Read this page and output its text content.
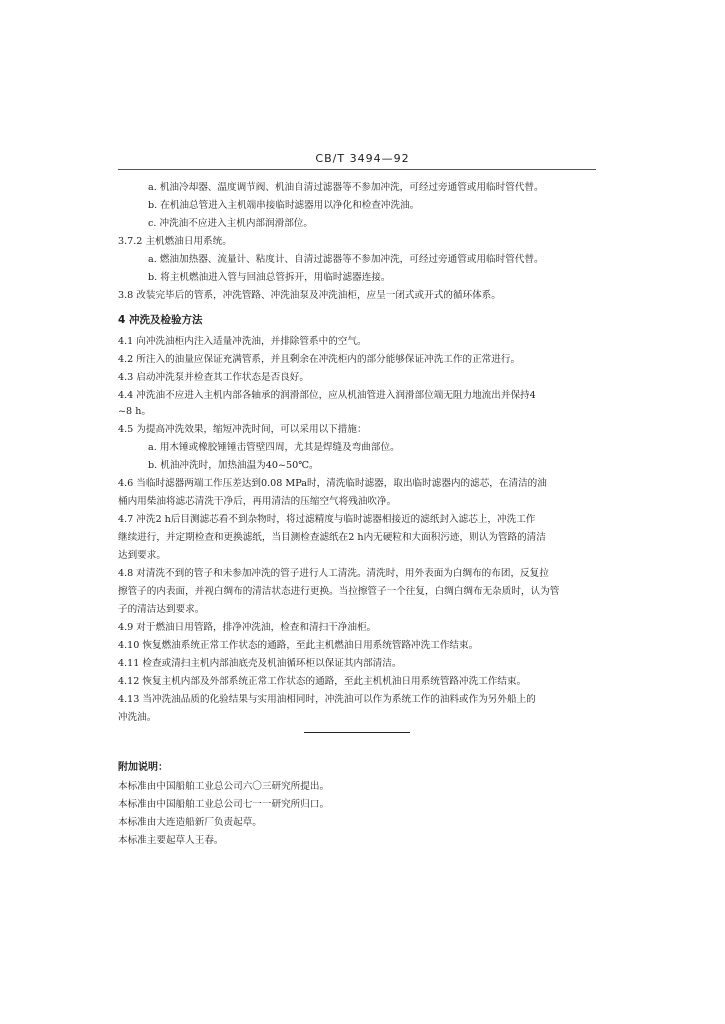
CB/T 3494—92
a. 机油冷却器、温度调节阀、机油自清过滤器等不参加冲洗，可经过旁通管或用临时管代替。
b. 在机油总管进入主机端串接临时滤器用以净化和检查冲洗油。
c. 冲洗油不应进入主机内部润滑部位。
3.7.2 主机燃油日用系统。
a. 燃油加热器、流量计、粘度计、自清过滤器等不参加冲洗，可经过旁通管或用临时管代替。
b. 将主机燃油进入管与回油总管拆开，用临时滤器连接。
3.8 改装完毕后的管系，冲洗管路、冲洗油泵及冲洗油柜，应呈一闭式或开式的循环体系。
4 冲洗及检验方法
4.1 向冲洗油柜内注入适量冲洗油，并排除管系中的空气。
4.2 所注入的油量应保证充满管系，并且剩余在冲洗柜内的部分能够保证冲洗工作的正常进行。
4.3 启动冲洗泵并检查其工作状态是否良好。
4.4 冲洗油不应进入主机内部各轴承的润滑部位，应从机油管进入润滑部位端无阻力地流出并保持4
~8 h。
4.5 为提高冲洗效果，缩短冲洗时间，可以采用以下措施：
a. 用木锤或橡胶锤锤击管壁四周，尤其是焊缝及弯曲部位。
b. 机油冲洗时，加热油温为40~50℃。
4.6 当临时滤器两端工作压差达到0.08 MPa时，清洗临时滤器，取出临时滤器内的滤芯，在清洁的油
桶内用柴油将滤芯清洗干净后，再用清洁的压缩空气将残油吹净。
4.7 冲洗2 h后目测滤芯看不到杂物时，将过滤精度与临时滤器相接近的滤纸封入滤芯上，冲洗工作
继续进行，并定期检查和更换滤纸，当目测检查滤纸在2 h内无硬粒和大面积污迹，则认为管路的清洁
达到要求。
4.8 对清洗不到的管子和未参加冲洗的管子进行人工清洗。清洗时，用外表面为白绸布的布团，反复拉
擦管子的内表面，并视白绸布的清洁状态进行更换。当拉擦管子一个往复，白绸白绸布无杂质时，认为管
子的清洁达到要求。
4.9 对于燃油日用管路，排净冲洗油，检查和清扫干净油柜。
4.10 恢复燃油系统正常工作状态的通路，至此主机燃油日用系统管路冲洗工作结束。
4.11 检查或清扫主机内部油底壳及机油循环柜以保证其内部清洁。
4.12 恢复主机内部及外部系统正常工作状态的通路，至此主机机油日用系统管路冲洗工作结束。
4.13 当冲洗油品质的化验结果与实用油相同时，冲洗油可以作为系统工作的油料或作为另外船上的
冲洗油。
附加说明：
本标准由中国船舶工业总公司六〇三研究所提出。
本标准由中国船舶工业总公司七一一研究所归口。
本标准由大连造船新厂负责起草。
本标准主要起草人王春。
